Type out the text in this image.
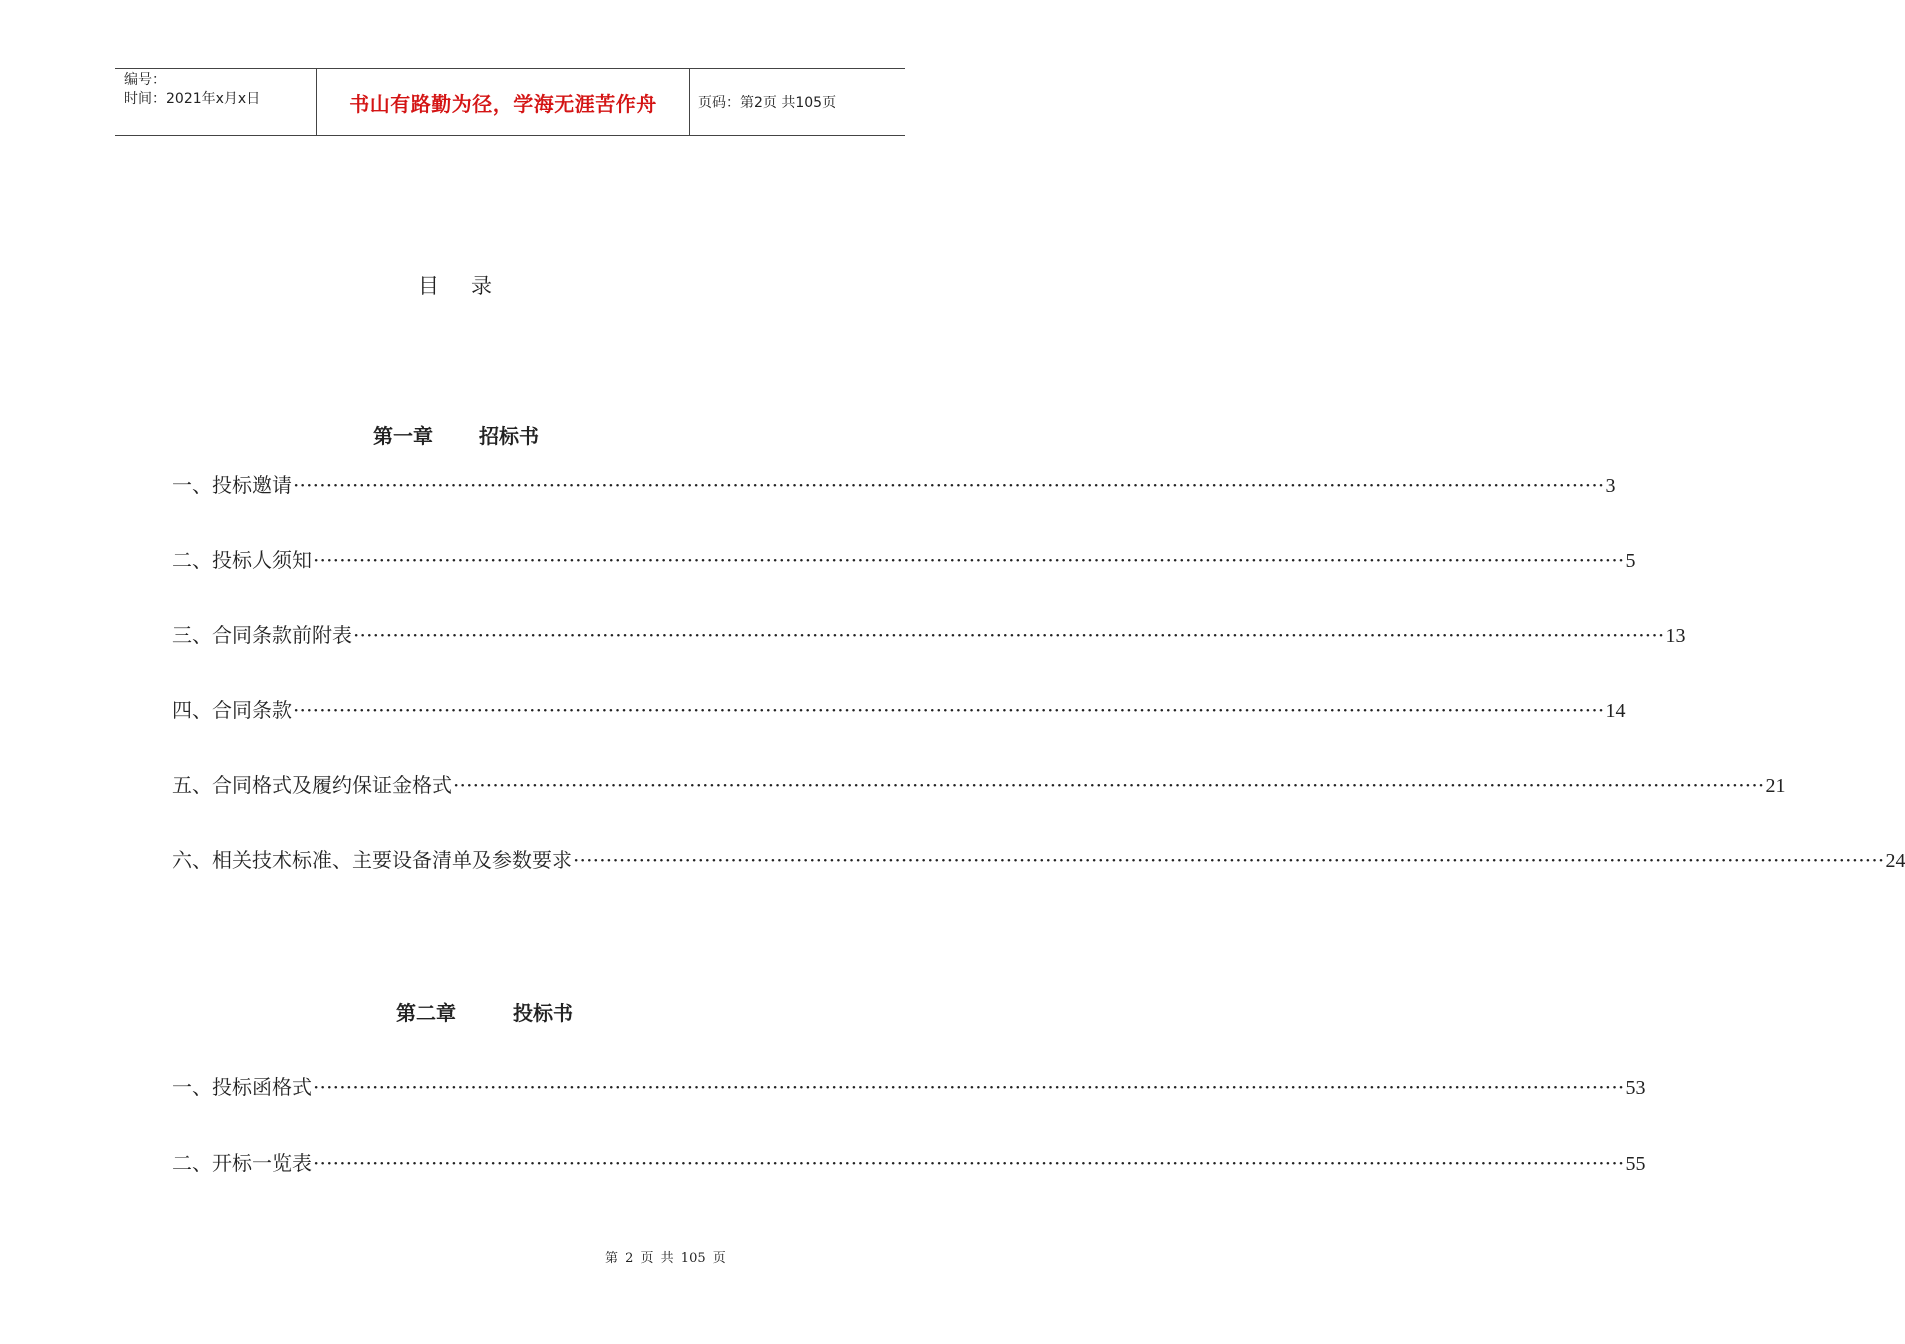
编号：
时间：2021年x月x日	书山有路勤为径，学海无涯苦作舟	页码：第2页 共105页
目 录
第一章 招标书
一、投标邀请 ········································································································································································································ 3
二、投标人须知 ········································································································································································································ 5
三、合同条款前附表 ········································································································································································································ 13
四、合同条款 ········································································································································································································ 14
五、合同格式及履约保证金格式 ········································································································································································································ 21
六、相关技术标准、主要设备清单及参数要求 ········································································································································································································ 24
第二章	投标书
一、投标函格式 ········································································································································································································ 53
二、开标一览表 ········································································································································································································ 55
第 2 页 共 105 页
